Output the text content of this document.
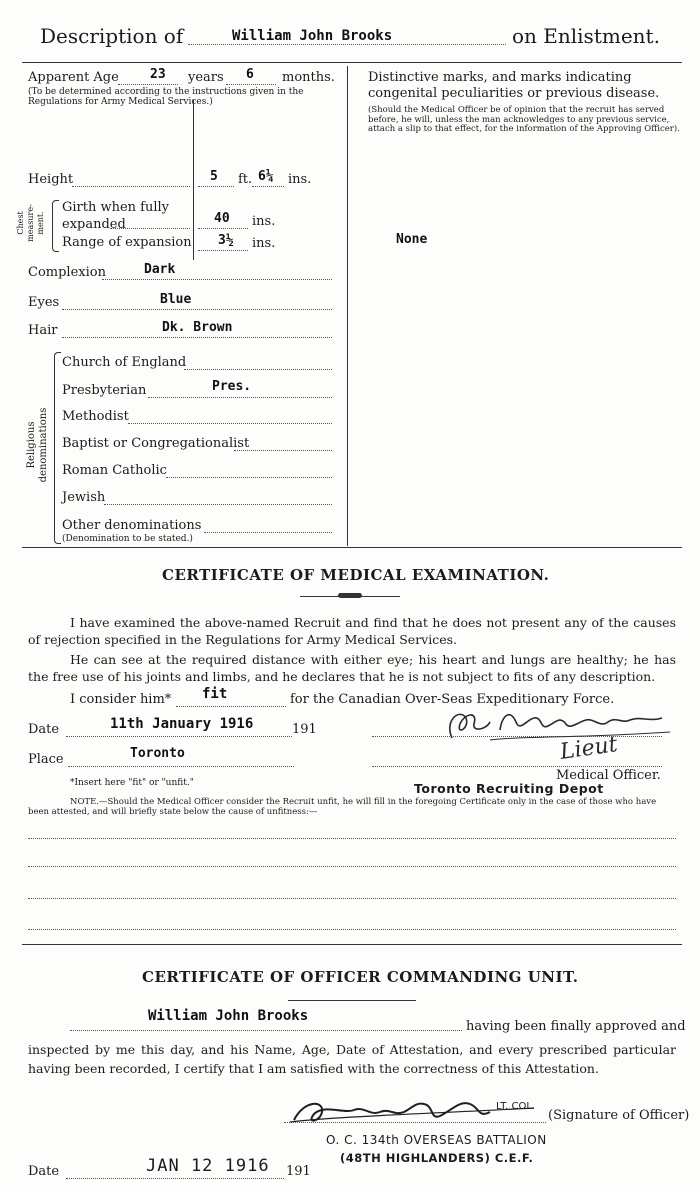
Description of	William John Brooks	on Enlistment.
Apparent Age 23 years 6 months.
(To be determined according to the instructions given in the Regulations for Army Medical Services.)
Height	5 ft. 6¼ ins.
Chest measure-ment.
Girth when fully expanded	40 ins.
Range of expansion 3½ ins.
Complexion	Dark
Eyes	Blue
Hair	Dk. Brown
Religious denominations
Church of England
Presbyterian	Pres.
Methodist
Baptist or Congregationalist
Roman Catholic
Jewish
Other denominations
(Denomination to be stated.)
Distinctive marks, and marks indicating congenital peculiarities or previous disease.
(Should the Medical Officer be of opinion that the recruit has served before, he will, unless the man acknowledges to any previous service, attach a slip to that effect, for the information of the Approving Officer).
None
CERTIFICATE OF MEDICAL EXAMINATION.
I have examined the above-named Recruit and find that he does not present any of the causes of rejection specified in the Regulations for Army Medical Services.
He can see at the required distance with either eye; his heart and lungs are healthy; he has the free use of his joints and limbs, and he declares that he is not subject to fits of any description.
I consider him* fit	for the Canadian Over-Seas Expeditionary Force.
Date	11th January 1916	191
Place	Toronto	Lieut
*Insert here "fit" or "unfit."	Medical Officer.
Toronto Recruiting Depot
NOTE.—Should the Medical Officer consider the Recruit unfit, he will fill in the foregoing Certificate only in the case of those who have been attested, and will briefly state below the cause of unfitness:—
CERTIFICATE OF OFFICER COMMANDING UNIT.
William John Brooks
having been finally approved and
inspected by me this day, and his Name, Age, Date of Attestation, and every prescribed particular having been recorded, I certify that I am satisfied with the correctness of this Attestation.
LT. COL.
(Signature of Officer)
Date	JAN 12 1916 191
O. C. 134th OVERSEAS BATTALION
(48TH HIGHLANDERS) C.E.F.
